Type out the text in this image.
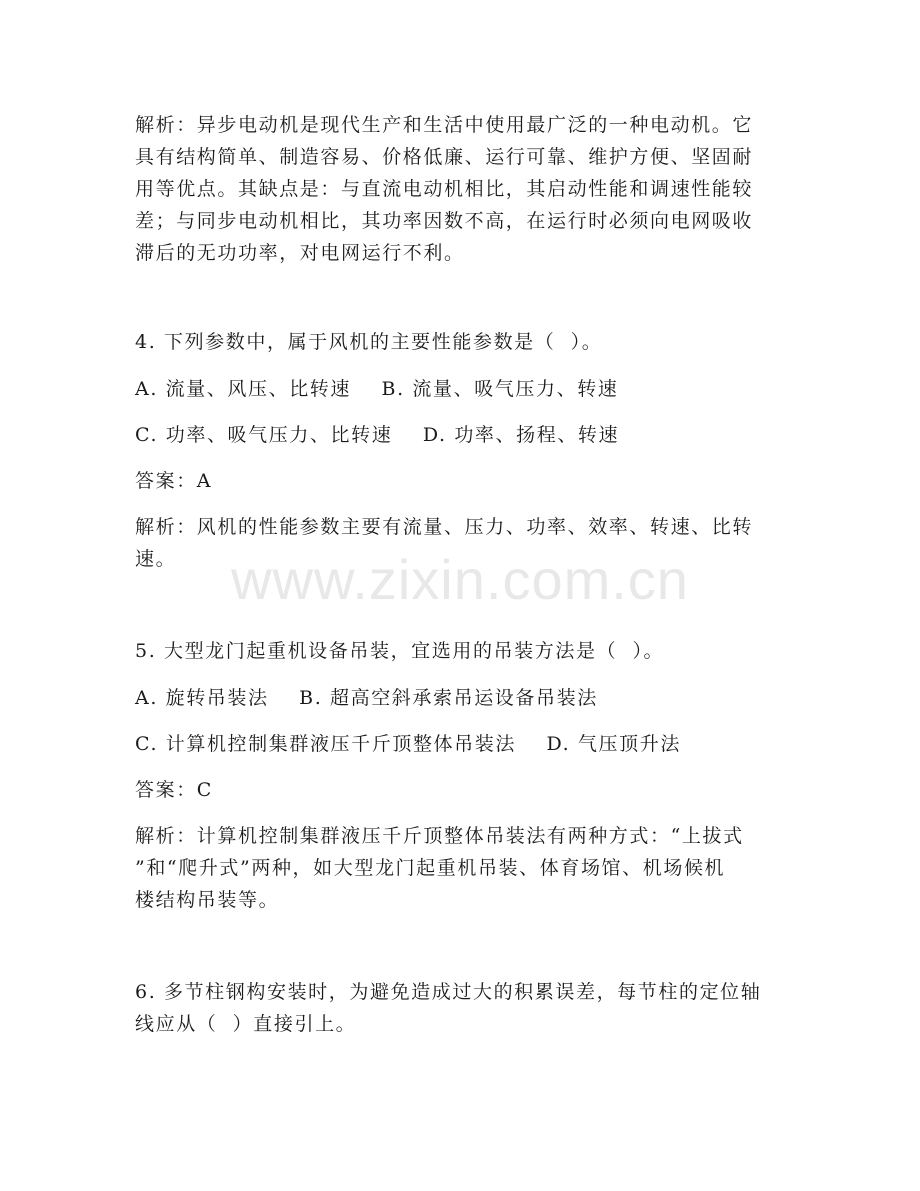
www.zixin.com.cn
解析：异步电动机是现代生产和生活中使用最广泛的一种电动机。它
具有结构简单、制造容易、价格低廉、运行可靠、维护方便、坚固耐
用等优点。其缺点是：与直流电动机相比，其启动性能和调速性能较
差；与同步电动机相比，其功率因数不高，在运行时必须向电网吸收
滞后的无功功率，对电网运行不利。
4. 下列参数中，属于风机的主要性能参数是（  ）。
A. 流量、风压、比转速    B. 流量、吸气压力、转速
C. 功率、吸气压力、比转速    D. 功率、扬程、转速
答案：A
解析：风机的性能参数主要有流量、压力、功率、效率、转速、比转
速。
5. 大型龙门起重机设备吊装，宜选用的吊装方法是（  ）。
A. 旋转吊装法    B. 超高空斜承索吊运设备吊装法
C. 计算机控制集群液压千斤顶整体吊装法    D. 气压顶升法
答案：C
解析：计算机控制集群液压千斤顶整体吊装法有两种方式：“上拔式
”和“爬升式”两种，如大型龙门起重机吊装、体育场馆、机场候机
楼结构吊装等。
6. 多节柱钢构安装时，为避免造成过大的积累误差，每节柱的定位轴
线应从（  ）直接引上。
